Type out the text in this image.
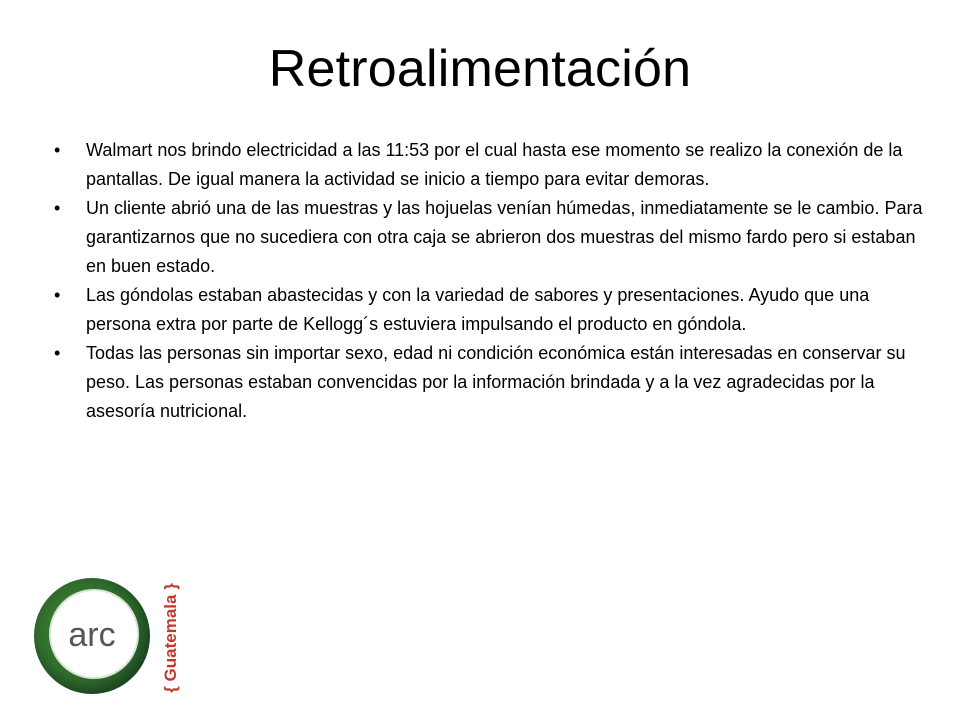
Retroalimentación
• Walmart nos brindo electricidad a las 11:53 por el cual hasta ese momento se realizo la conexión de la pantallas. De igual manera la actividad se inicio a tiempo para evitar demoras.
• Un cliente abrió una de las muestras y las hojuelas venían húmedas, inmediatamente se le cambio. Para garantizarnos que no sucediera con otra caja se abrieron dos muestras del mismo fardo pero si estaban en buen estado.
• Las góndolas estaban abastecidas y con la variedad de sabores y presentaciones. Ayudo que una persona extra por parte de Kellogg´s estuviera impulsando el producto en góndola.
• Todas las personas sin importar sexo, edad ni condición económica están interesadas en conservar su peso. Las personas estaban convencidas por la información brindada y a la vez agradecidas por la asesoría nutricional.
arc	{ Guatemala }
